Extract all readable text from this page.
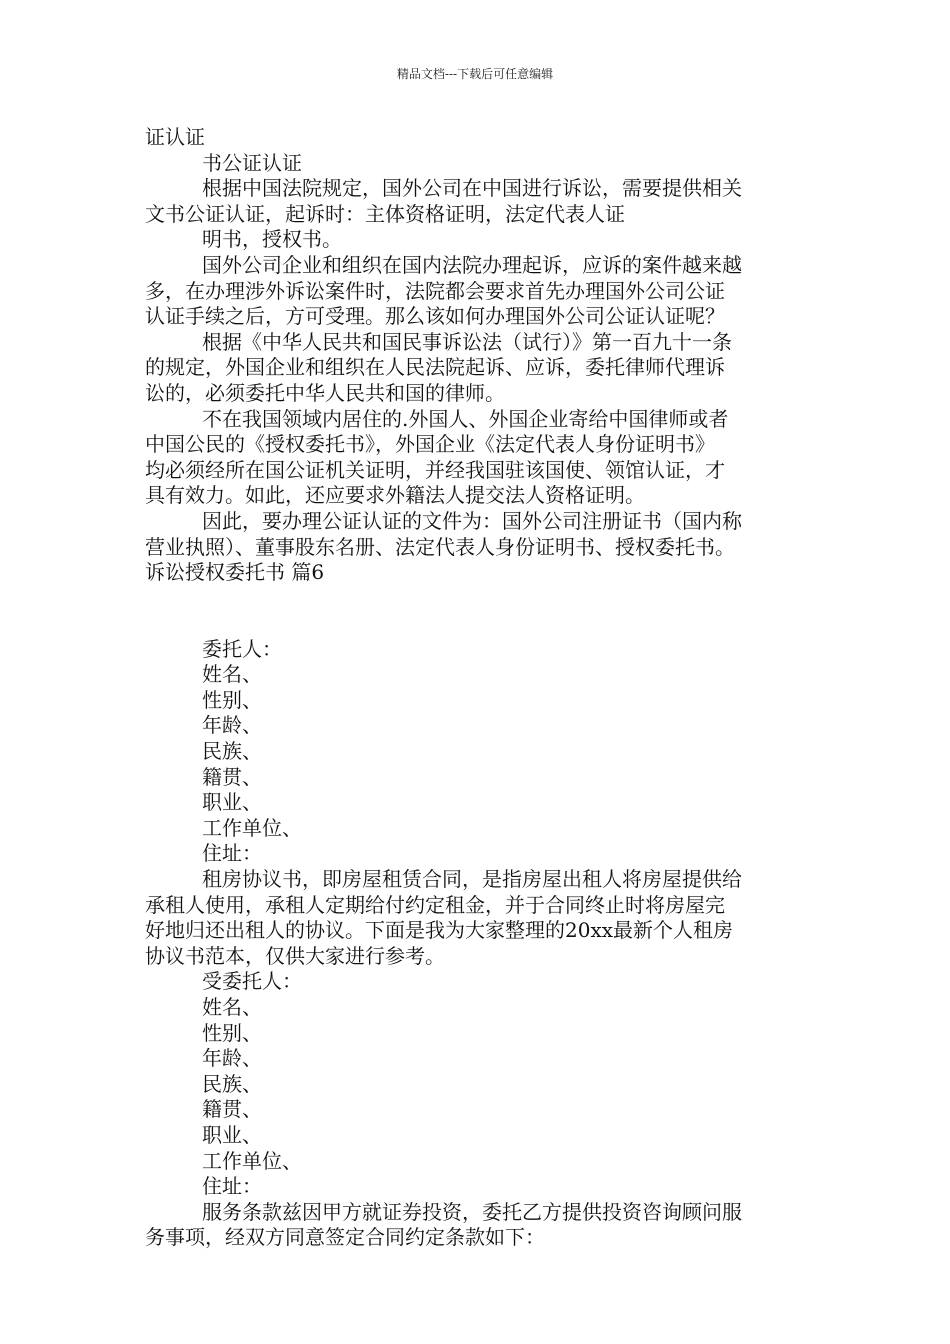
精品文档---下载后可任意编辑

证认证

书公证认证

根据中国法院规定，国外公司在中国进行诉讼，需要提供相关

文书公证认证，起诉时：主体资格证明，法定代表人证

明书，授权书。

国外公司企业和组织在国内法院办理起诉，应诉的案件越来越

多，在办理涉外诉讼案件时，法院都会要求首先办理国外公司公证

认证手续之后，方可受理。那么该如何办理国外公司公证认证呢？

根据《中华人民共和国民事诉讼法（试行）》第一百九十一条

的规定，外国企业和组织在人民法院起诉、应诉，委托律师代理诉

讼的，必须委托中华人民共和国的律师。

不在我国领域内居住的.外国人、外国企业寄给中国律师或者

中国公民的《授权委托书》，外国企业《法定代表人身份证明书》

均必须经所在国公证机关证明，并经我国驻该国使、领馆认证，才

具有效力。如此，还应要求外籍法人提交法人资格证明。

因此，要办理公证认证的文件为：国外公司注册证书（国内称

营业执照）、董事股东名册、法定代表人身份证明书、授权委托书。

诉讼授权委托书 篇6

委托人：

姓名、

性别、

年龄、

民族、

籍贯、

职业、

工作单位、

住址：

租房协议书，即房屋租赁合同，是指房屋出租人将房屋提供给

承租人使用，承租人定期给付约定租金，并于合同终止时将房屋完

好地归还出租人的协议。下面是我为大家整理的20xx最新个人租房

协议书范本，仅供大家进行参考。

受委托人：

姓名、

性别、

年龄、

民族、

籍贯、

职业、

工作单位、

住址：

服务条款兹因甲方就证券投资，委托乙方提供投资咨询顾问服

务事项，经双方同意签定合同约定条款如下：
